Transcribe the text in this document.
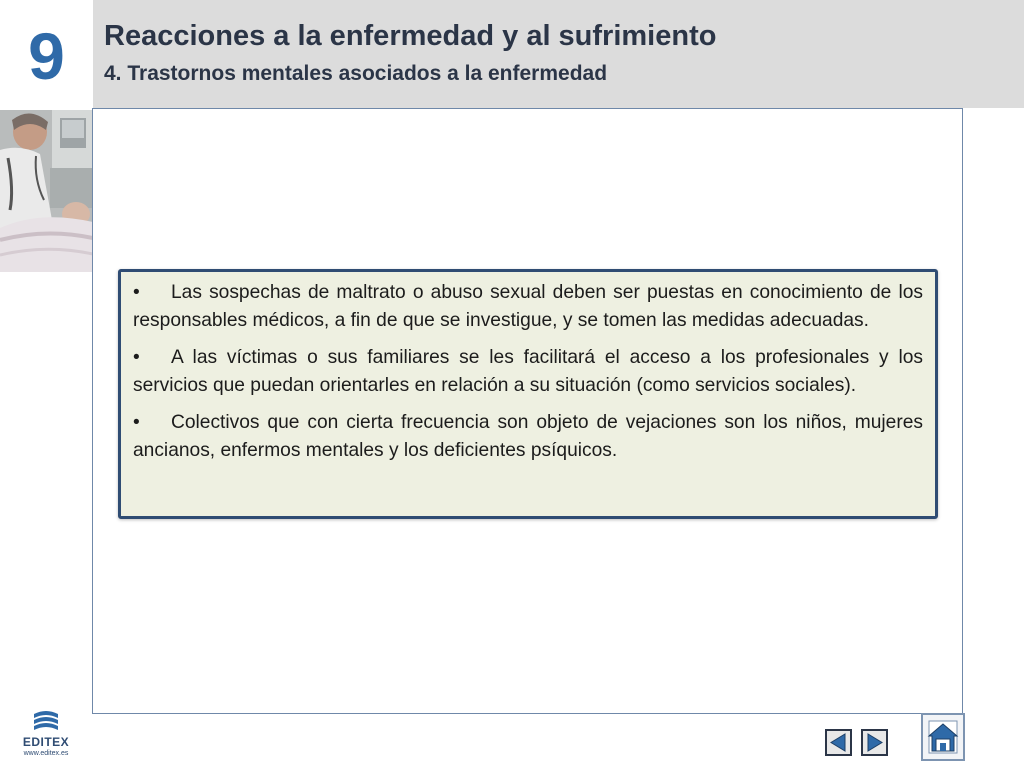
9	Reacciones a la enfermedad y al sufrimiento
4. Trastornos mentales asociados a la enfermedad

• Las sospechas de maltrato o abuso sexual deben ser puestas en conocimiento de los responsables médicos, a fin de que se investigue, y se tomen las medidas adecuadas.

• A las víctimas o sus familiares se les facilitará el acceso a los profesionales y los servicios que puedan orientarles en relación a su situación (como servicios sociales).

• Colectivos que con cierta frecuencia son objeto de vejaciones son los niños, mujeres ancianos, enfermos mentales y los deficientes psíquicos.

EDITEX
www.editex.es
